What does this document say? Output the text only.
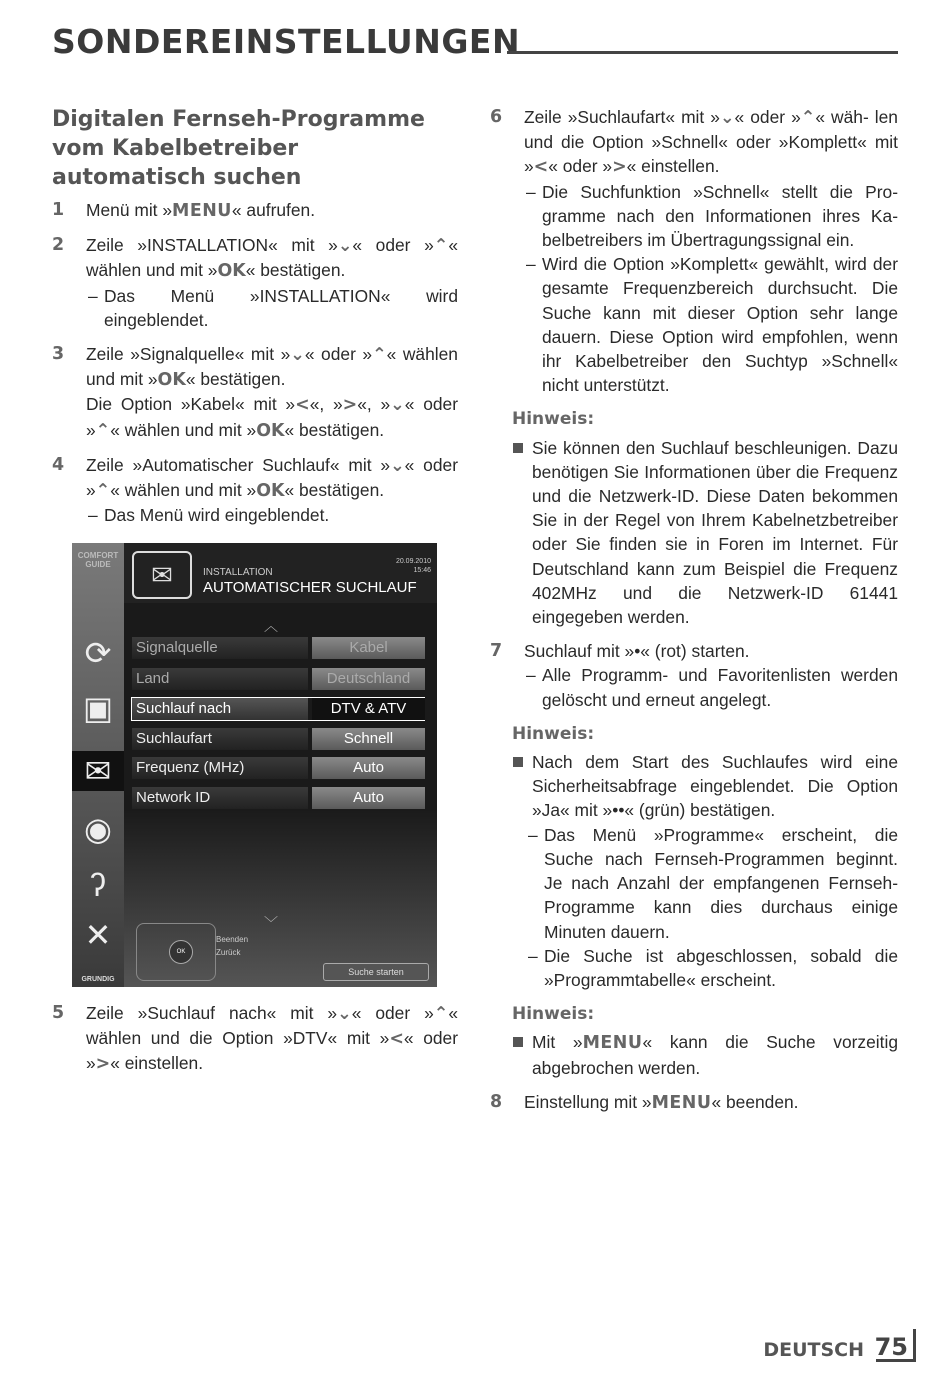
SONDEREINSTELLUNGEN
Digitalen Fernseh-Programme vom Kabelbetreiber automatisch suchen
1 Menü mit »MENU« aufrufen.
2 Zeile »INSTALLATION« mit »⌄« oder »⌃« wählen und mit »OK« bestätigen.
– Das Menü »INSTALLATION« wird eingeblendet.
3 Zeile »Signalquelle« mit »⌄« oder »⌃« wählen und mit »OK« bestätigen.
Die Option »Kabel« mit »<«, »>«, »⌄« oder »⌃« wählen und mit »OK« bestätigen.
4 Zeile »Automatischer Suchlauf« mit »⌄« oder »⌃« wählen und mit »OK« bestätigen.
– Das Menü wird eingeblendet.
COMFORT GUIDE
⟳
▣
✉
◉
ʔ
✕
GRUNDIG
✉	INSTALLATION
AUTOMATISCHER SUCHLAUF
20.09.2010
15:46
︿
Signalquelle	Kabel
Land	Deutschland
Suchlauf nach	DTV & ATV
Suchlaufart	Schnell
Frequenz (MHz)	Auto
Network ID	Auto
﹀
OK
Beenden
Zurück
Suche starten
5 Zeile »Suchlauf nach« mit »⌄« oder »⌃« wählen und die Option »DTV« mit »<« oder »>« einstellen.
6 Zeile »Suchlaufart« mit »⌄« oder »⌃« wäh- len und die Option »Schnell« oder »Komplett« mit »<« oder »>« einstellen.
– Die Suchfunktion »Schnell« stellt die Programme nach den Informationen ihres Kabelbetreibers im Übertragungssignal ein.
– Wird die Option »Komplett« gewählt, wird der gesamte Frequenzbereich durchsucht. Die Suche kann mit dieser Option sehr lange dauern. Diese Option wird empfohlen, wenn ihr Kabelbetreiber den Suchtyp »Schnell« nicht unterstützt.
Hinweis:
Sie können den Suchlauf beschleunigen. Dazu benötigen Sie Informationen über die Frequenz und die Netzwerk-ID. Diese Daten bekommen Sie in der Regel von Ihrem Kabelnetzbetreiber oder Sie finden sie in Foren im Internet. Für Deutschland kann zum Beispiel die Frequenz 402MHz und die Netzwerk-ID 61441 eingegeben werden.
7 Suchlauf mit »•« (rot) starten.
– Alle Programm- und Favoritenlisten werden gelöscht und erneut angelegt.
Hinweis:
Nach dem Start des Suchlaufes wird eine Sicherheitsabfrage eingeblendet. Die Option »Ja« mit »••« (grün) bestätigen.
– Das Menü »Programme« erscheint, die Suche nach Fernseh-Programmen beginnt. Je nach Anzahl der empfangenen Fernseh-Programme kann dies durchaus einige Minuten dauern.
– Die Suche ist abgeschlossen, sobald die »Programmtabelle« erscheint.
Hinweis:
Mit »MENU« kann die Suche vorzeitig abgebrochen werden.
8 Einstellung mit »MENU« beenden.
DEUTSCH 75
